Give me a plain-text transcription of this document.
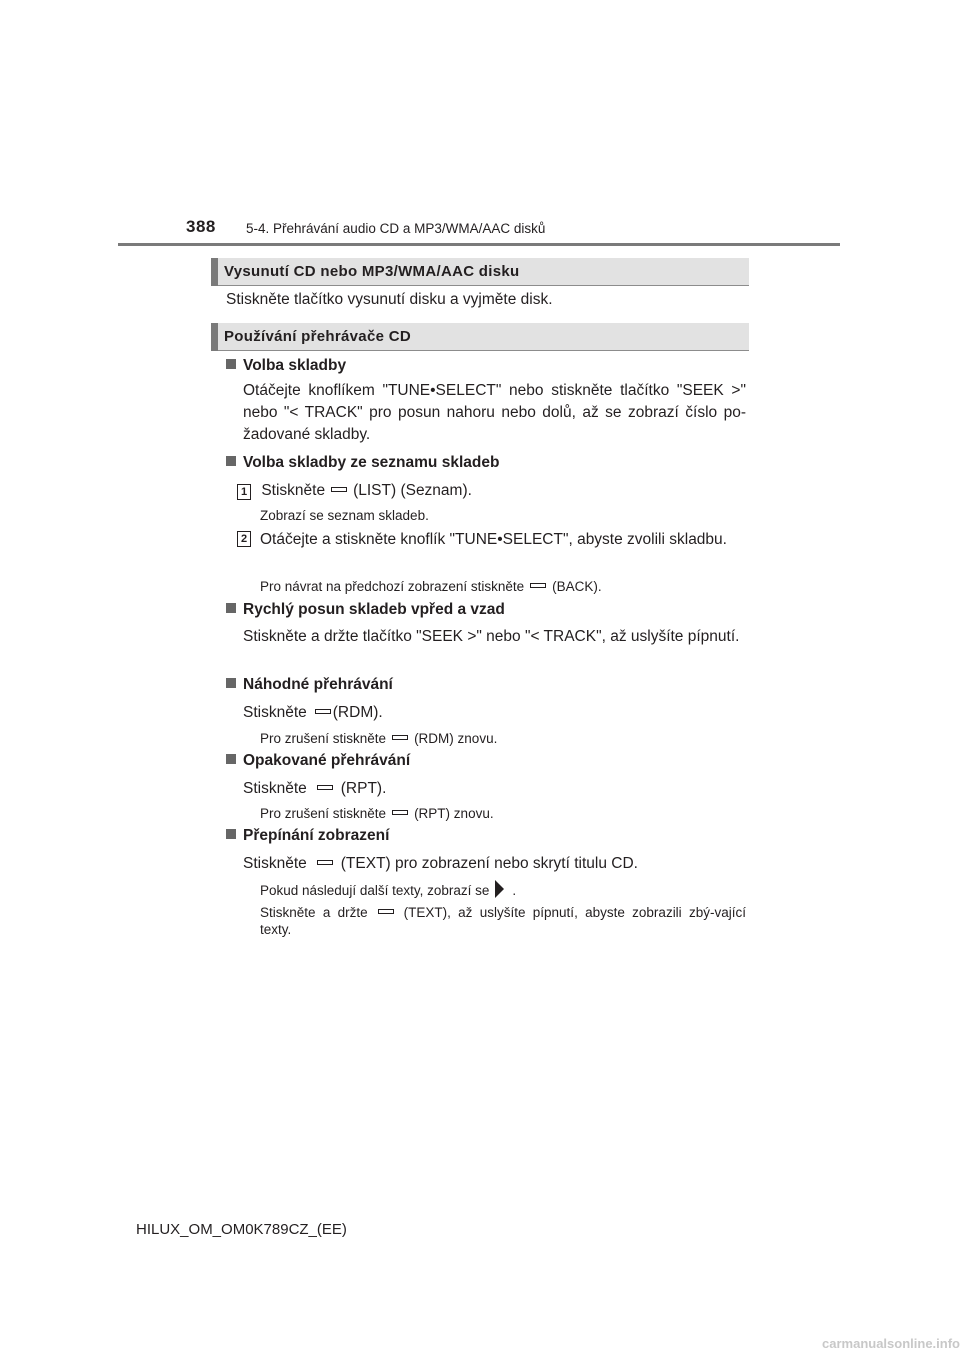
388 5-4. Přehrávání audio CD a MP3/WMA/AAC disků
Vysunutí CD nebo MP3/WMA/AAC disku
Stiskněte tlačítko vysunutí disku a vyjměte disk.
Používání přehrávače CD
Volba skladby
Otáčejte knoflíkem "TUNE•SELECT" nebo stiskněte tlačítko "SEEK >" nebo "< TRACK" pro posun nahoru nebo dolů, až se zobrazí číslo po-žadované skladby.
Volba skladby ze seznamu skladeb
1 Stiskněte (LIST) (Seznam).
Zobrazí se seznam skladeb.
2 Otáčejte a stiskněte knoflík "TUNE•SELECT", abyste zvolili skladbu.
Pro návrat na předchozí zobrazení stiskněte (BACK).
Rychlý posun skladeb vpřed a vzad
Stiskněte a držte tlačítko "SEEK >" nebo "< TRACK", až uslyšíte pípnutí.
Náhodné přehrávání
Stiskněte (RDM).
Pro zrušení stiskněte (RDM) znovu.
Opakované přehrávání
Stiskněte (RPT).
Pro zrušení stiskněte (RPT) znovu.
Přepínání zobrazení
Stiskněte (TEXT) pro zobrazení nebo skrytí titulu CD.
Pokud následují další texty, zobrazí se .
Stiskněte a držte	(TEXT), až uslyšíte pípnutí, abyste zobrazili zbý-vající texty.
HILUX_OM_OM0K789CZ_(EE)
carmanualsonline.info
